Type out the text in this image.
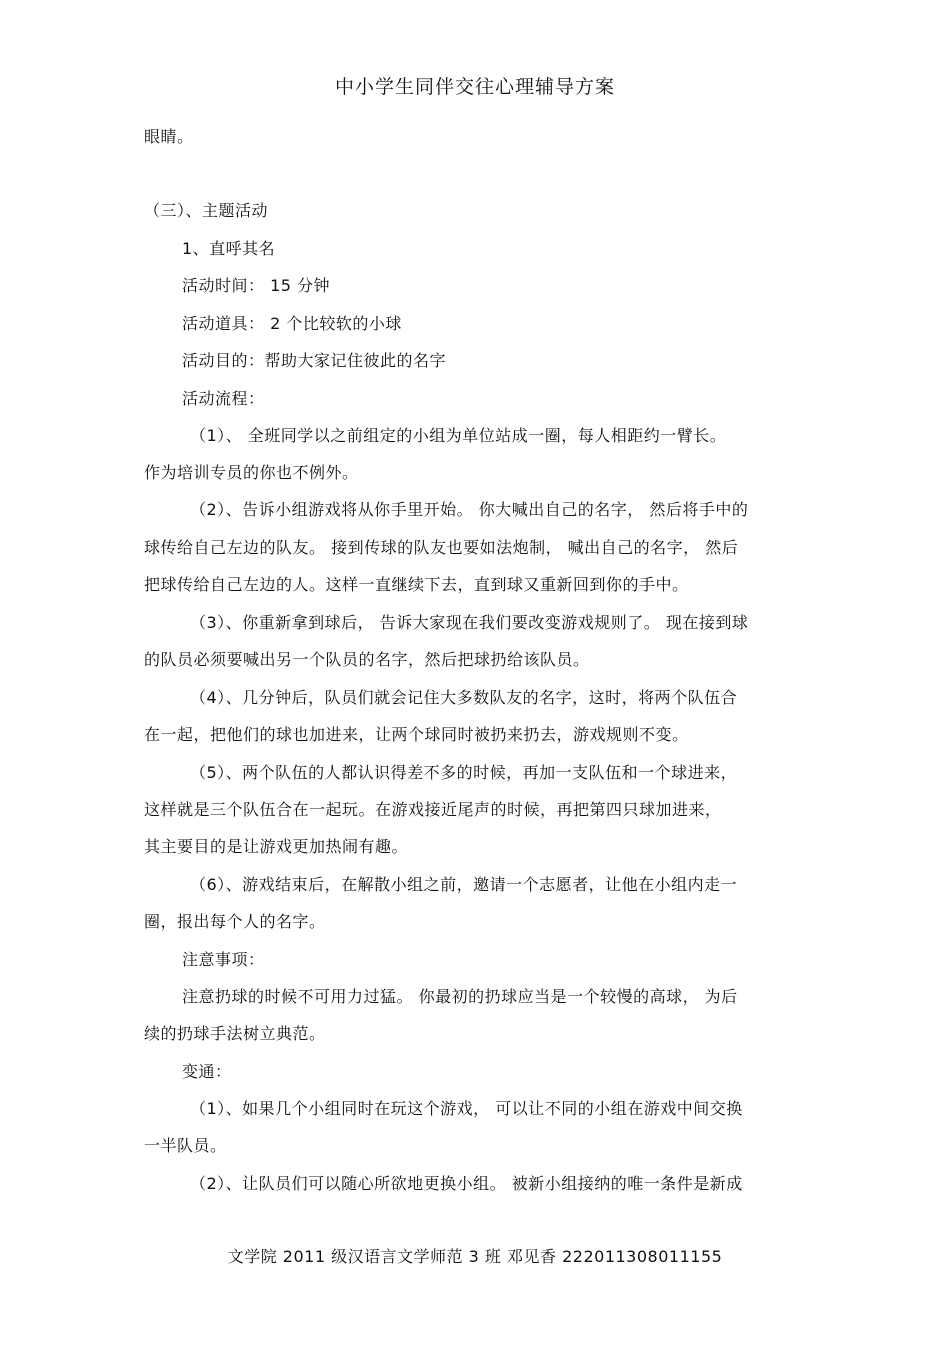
中小学生同伴交往心理辅导方案
眼睛。
（三）、主题活动
1、直呼其名
活动时间： 15 分钟
活动道具： 2 个比较软的小球
活动目的：帮助大家记住彼此的名字
活动流程：
（1）、 全班同学以之前组定的小组为单位站成一圈，每人相距约一臂长。
作为培训专员的你也不例外。
（2）、告诉小组游戏将从你手里开始。 你大喊出自己的名字， 然后将手中的
球传给自己左边的队友。 接到传球的队友也要如法炮制， 喊出自己的名字， 然后
把球传给自己左边的人。这样一直继续下去，直到球又重新回到你的手中。
（3）、你重新拿到球后， 告诉大家现在我们要改变游戏规则了。 现在接到球
的队员必须要喊出另一个队员的名字，然后把球扔给该队员。
（4）、几分钟后，队员们就会记住大多数队友的名字，这时，将两个队伍合
在一起，把他们的球也加进来，让两个球同时被扔来扔去，游戏规则不变。
（5）、两个队伍的人都认识得差不多的时候，再加一支队伍和一个球进来，
这样就是三个队伍合在一起玩。在游戏接近尾声的时候，再把第四只球加进来，
其主要目的是让游戏更加热闹有趣。
（6）、游戏结束后，在解散小组之前，邀请一个志愿者，让他在小组内走一
圈，报出每个人的名字。
注意事项：
注意扔球的时候不可用力过猛。 你最初的扔球应当是一个较慢的高球， 为后
续的扔球手法树立典范。
变通：
（1）、如果几个小组同时在玩这个游戏， 可以让不同的小组在游戏中间交换
一半队员。
（2）、让队员们可以随心所欲地更换小组。 被新小组接纳的唯一条件是新成
文学院 2011 级汉语言文学师范 3 班 邓见香 222011308011155
